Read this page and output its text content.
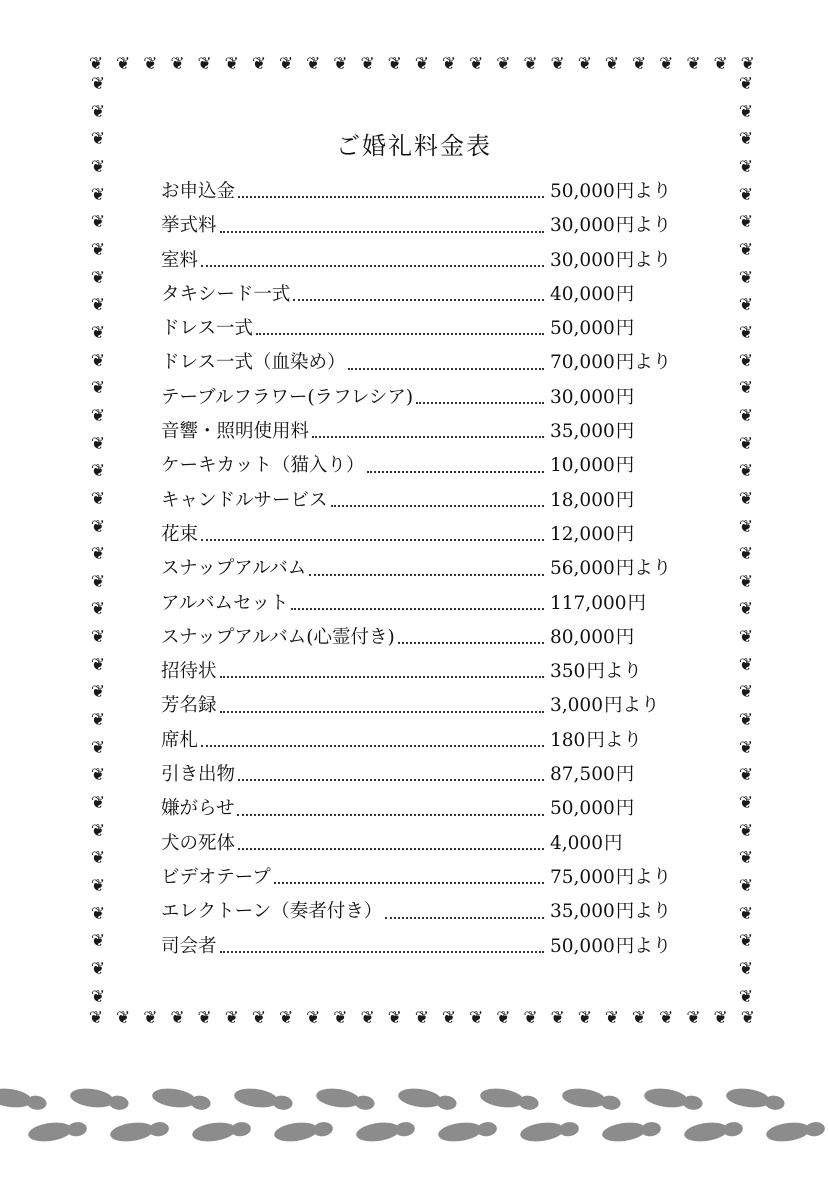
❦ ❦ ❦ ❦ ❦ ❦ ❦ ❦ ❦ ❦ ❦ ❦ ❦ ❦ ❦ ❦ ❦ ❦ ❦ ❦ ❦ ❦ ❦ ❦ ❦
❦
❦
❦
❦
❦
❦
❦
❦
❦
❦
❦
❦
❦
❦
❦
❦
❦
❦
❦
❦
❦
❦
❦
❦
❦
❦
❦
❦
❦
❦
❦
❦
❦
❦
❦
❦
❦
❦
❦
❦
❦
❦
❦
❦
❦
❦
❦
❦
❦
❦
❦
❦
❦
❦
❦
❦
❦
❦
❦
❦
❦
❦
❦
❦
❦
❦
❦
❦
❦ ❦ ❦ ❦ ❦ ❦ ❦ ❦ ❦ ❦ ❦ ❦ ❦ ❦ ❦ ❦ ❦ ❦ ❦ ❦ ❦ ❦ ❦ ❦ ❦
ご婚礼料金表
お申込金	50,000 円より
挙式料	30,000 円より
室料	30,000 円より
タキシード一式	40,000 円
ドレス一式	50,000 円
ドレス一式（血染め）	70,000 円より
テーブルフラワー(ラフレシア)	30,000 円
音響・照明使用料	35,000 円
ケーキカット（猫入り）	10,000 円
キャンドルサービス	18,000 円
花束	12,000 円
スナップアルバム	56,000 円より
アルバムセット	117,000 円
スナップアルバム(心霊付き)	80,000 円
招待状	350 円より
芳名録	3,000 円より
席札	180 円より
引き出物	87,500 円
嫌がらせ	50,000 円
犬の死体	4,000 円
ビデオテープ	75,000 円より
エレクトーン（奏者付き）	35,000 円より
司会者	50,000 円より
